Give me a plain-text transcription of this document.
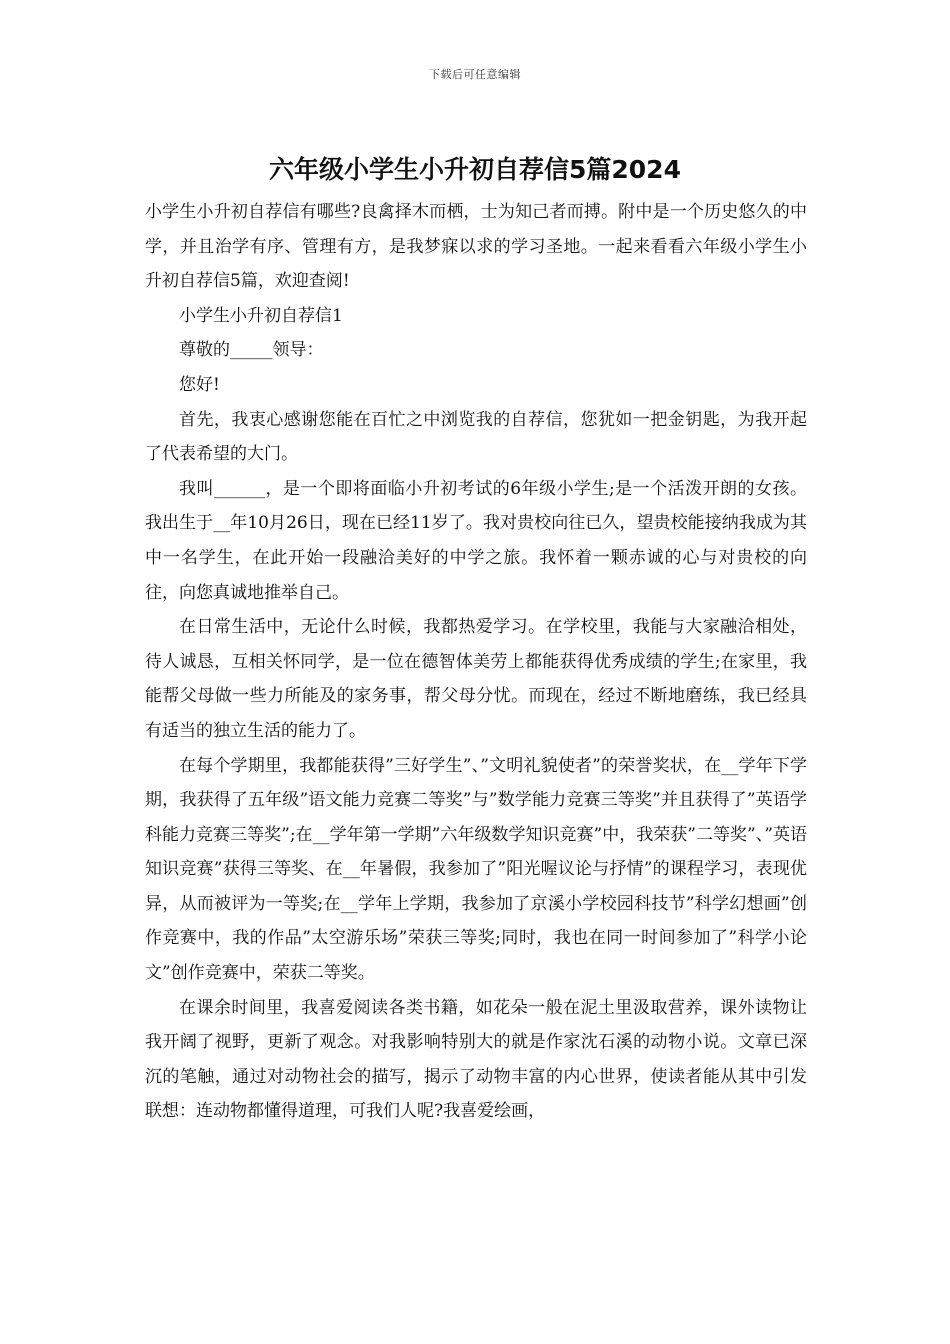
下载后可任意编辑
六年级小学生小升初自荐信5篇2024

小学生小升初自荐信有哪些?良禽择木而栖，士为知己者而搏。附中是一个历史悠久的中学，并且治学有序、管理有方，是我梦寐以求的学习圣地。一起来看看六年级小学生小升初自荐信5篇，欢迎查阅!

小学生小升初自荐信1

尊敬的_____领导：

您好!

首先，我衷心感谢您能在百忙之中浏览我的自荐信，您犹如一把金钥匙，为我开起了代表希望的大门。

我叫______，是一个即将面临小升初考试的6年级小学生;是一个活泼开朗的女孩。我出生于__年10月26日，现在已经11岁了。我对贵校向往已久，望贵校能接纳我成为其中一名学生，在此开始一段融洽美好的中学之旅。我怀着一颗赤诚的心与对贵校的向往，向您真诚地推举自己。

在日常生活中，无论什么时候，我都热爱学习。在学校里，我能与大家融洽相处，待人诚恳，互相关怀同学，是一位在德智体美劳上都能获得优秀成绩的学生;在家里，我能帮父母做一些力所能及的家务事，帮父母分忧。而现在，经过不断地磨练，我已经具有适当的独立生活的能力了。

在每个学期里，我都能获得”三好学生”、”文明礼貌使者”的荣誉奖状，在__学年下学期，我获得了五年级”语文能力竞赛二等奖”与”数学能力竞赛三等奖”并且获得了”英语学科能力竞赛三等奖”;在__学年第一学期”六年级数学知识竞赛”中，我荣获”二等奖”、”英语知识竞赛”获得三等奖、在__年暑假，我参加了”阳光喔议论与抒情”的课程学习，表现优异，从而被评为一等奖;在__学年上学期，我参加了京溪小学校园科技节”科学幻想画”创作竞赛中，我的作品”太空游乐场”荣获三等奖;同时，我也在同一时间参加了”科学小论文”创作竞赛中，荣获二等奖。

在课余时间里，我喜爱阅读各类书籍，如花朵一般在泥土里汲取营养，课外读物让我开阔了视野，更新了观念。对我影响特别大的就是作家沈石溪的动物小说。文章已深沉的笔触，通过对动物社会的描写，揭示了动物丰富的内心世界，使读者能从其中引发联想：连动物都懂得道理，可我们人呢?我喜爱绘画，
